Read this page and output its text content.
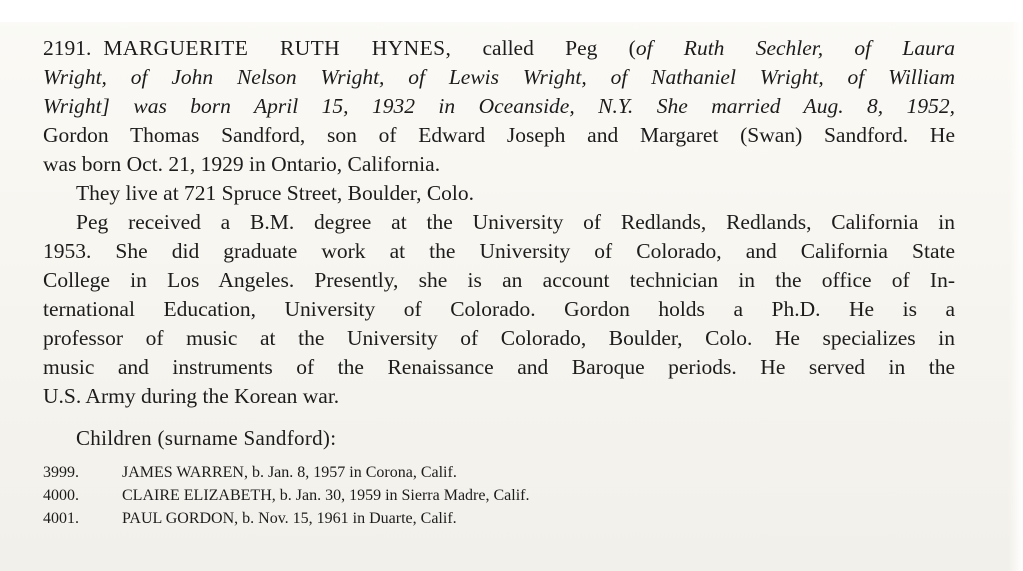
2191. MARGUERITE RUTH HYNES, called Peg (of Ruth Sechler, of Laura
Wright, of John Nelson Wright, of Lewis Wright, of Nathaniel Wright, of William
Wright] was born April 15, 1932 in Oceanside, N.Y. She married Aug. 8, 1952,
Gordon Thomas Sandford, son of Edward Joseph and Margaret (Swan) Sandford. He
was born Oct. 21, 1929 in Ontario, California.
They live at 721 Spruce Street, Boulder, Colo.
Peg received a B.M. degree at the University of Redlands, Redlands, California in
1953. She did graduate work at the University of Colorado, and California State
College in Los Angeles. Presently, she is an account technician in the office of In-
ternational Education, University of Colorado. Gordon holds a Ph.D. He is a
professor of music at the University of Colorado, Boulder, Colo. He specializes in
music and instruments of the Renaissance and Baroque periods. He served in the
U.S. Army during the Korean war.
Children (surname Sandford):
3999.	JAMES WARREN, b. Jan. 8, 1957 in Corona, Calif.
4000.	CLAIRE ELIZABETH, b. Jan. 30, 1959 in Sierra Madre, Calif.
4001.	PAUL GORDON, b. Nov. 15, 1961 in Duarte, Calif.
